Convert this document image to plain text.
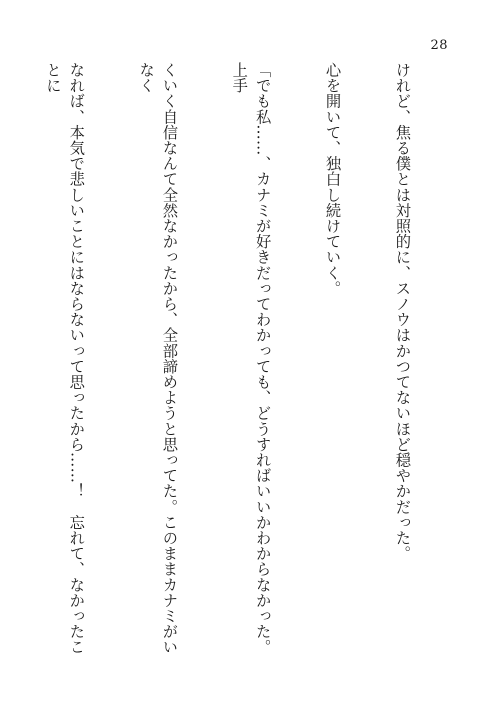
28

けれど、焦る僕とは対照的に、スノウはかつてないほど穏やかだった。

心を開いて、独白し続けていく。

「でも私……、カナミが好きだってわかっても、どうすればいいかわからなかった。上手

くいく自信なんて全然なかったから、全部諦めようと思ってた。このままカナミがいなく

なれば、本気で悲しいことにはならないって思ったから……！　忘れて、なかったことに
